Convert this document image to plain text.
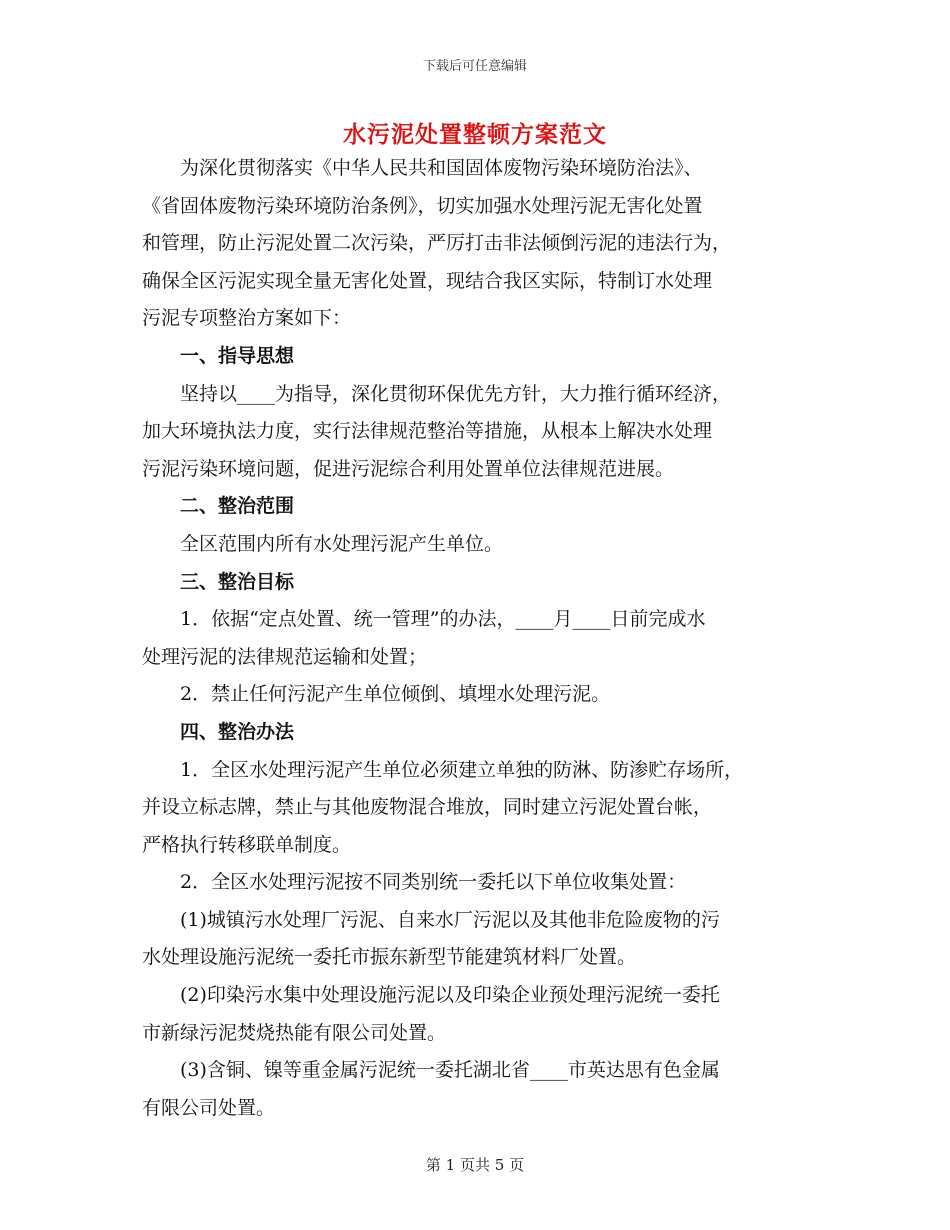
下载后可任意编辑
水污泥处置整顿方案范文
为深化贯彻落实《中华人民共和国固体废物污染环境防治法》、
《省固体废物污染环境防治条例》，切实加强水处理污泥无害化处置
和管理，防止污泥处置二次污染，严厉打击非法倾倒污泥的违法行为，
确保全区污泥实现全量无害化处置，现结合我区实际，特制订水处理
污泥专项整治方案如下：
一、指导思想
坚持以____为指导，深化贯彻环保优先方针，大力推行循环经济，
加大环境执法力度，实行法律规范整治等措施，从根本上解决水处理
污泥污染环境问题，促进污泥综合利用处置单位法律规范进展。
二、整治范围
全区范围内所有水处理污泥产生单位。
三、整治目标
1．依据“定点处置、统一管理”的办法，____月____日前完成水
处理污泥的法律规范运输和处置；
2．禁止任何污泥产生单位倾倒、填埋水处理污泥。
四、整治办法
1．全区水处理污泥产生单位必须建立单独的防淋、防渗贮存场所，
并设立标志牌，禁止与其他废物混合堆放，同时建立污泥处置台帐，
严格执行转移联单制度。
2．全区水处理污泥按不同类别统一委托以下单位收集处置：
(1)城镇污水处理厂污泥、自来水厂污泥以及其他非危险废物的污
水处理设施污泥统一委托市振东新型节能建筑材料厂处置。
(2)印染污水集中处理设施污泥以及印染企业预处理污泥统一委托
市新绿污泥焚烧热能有限公司处置。
(3)含铜、镍等重金属污泥统一委托湖北省____市英达思有色金属
有限公司处置。
第 1 页共 5 页
